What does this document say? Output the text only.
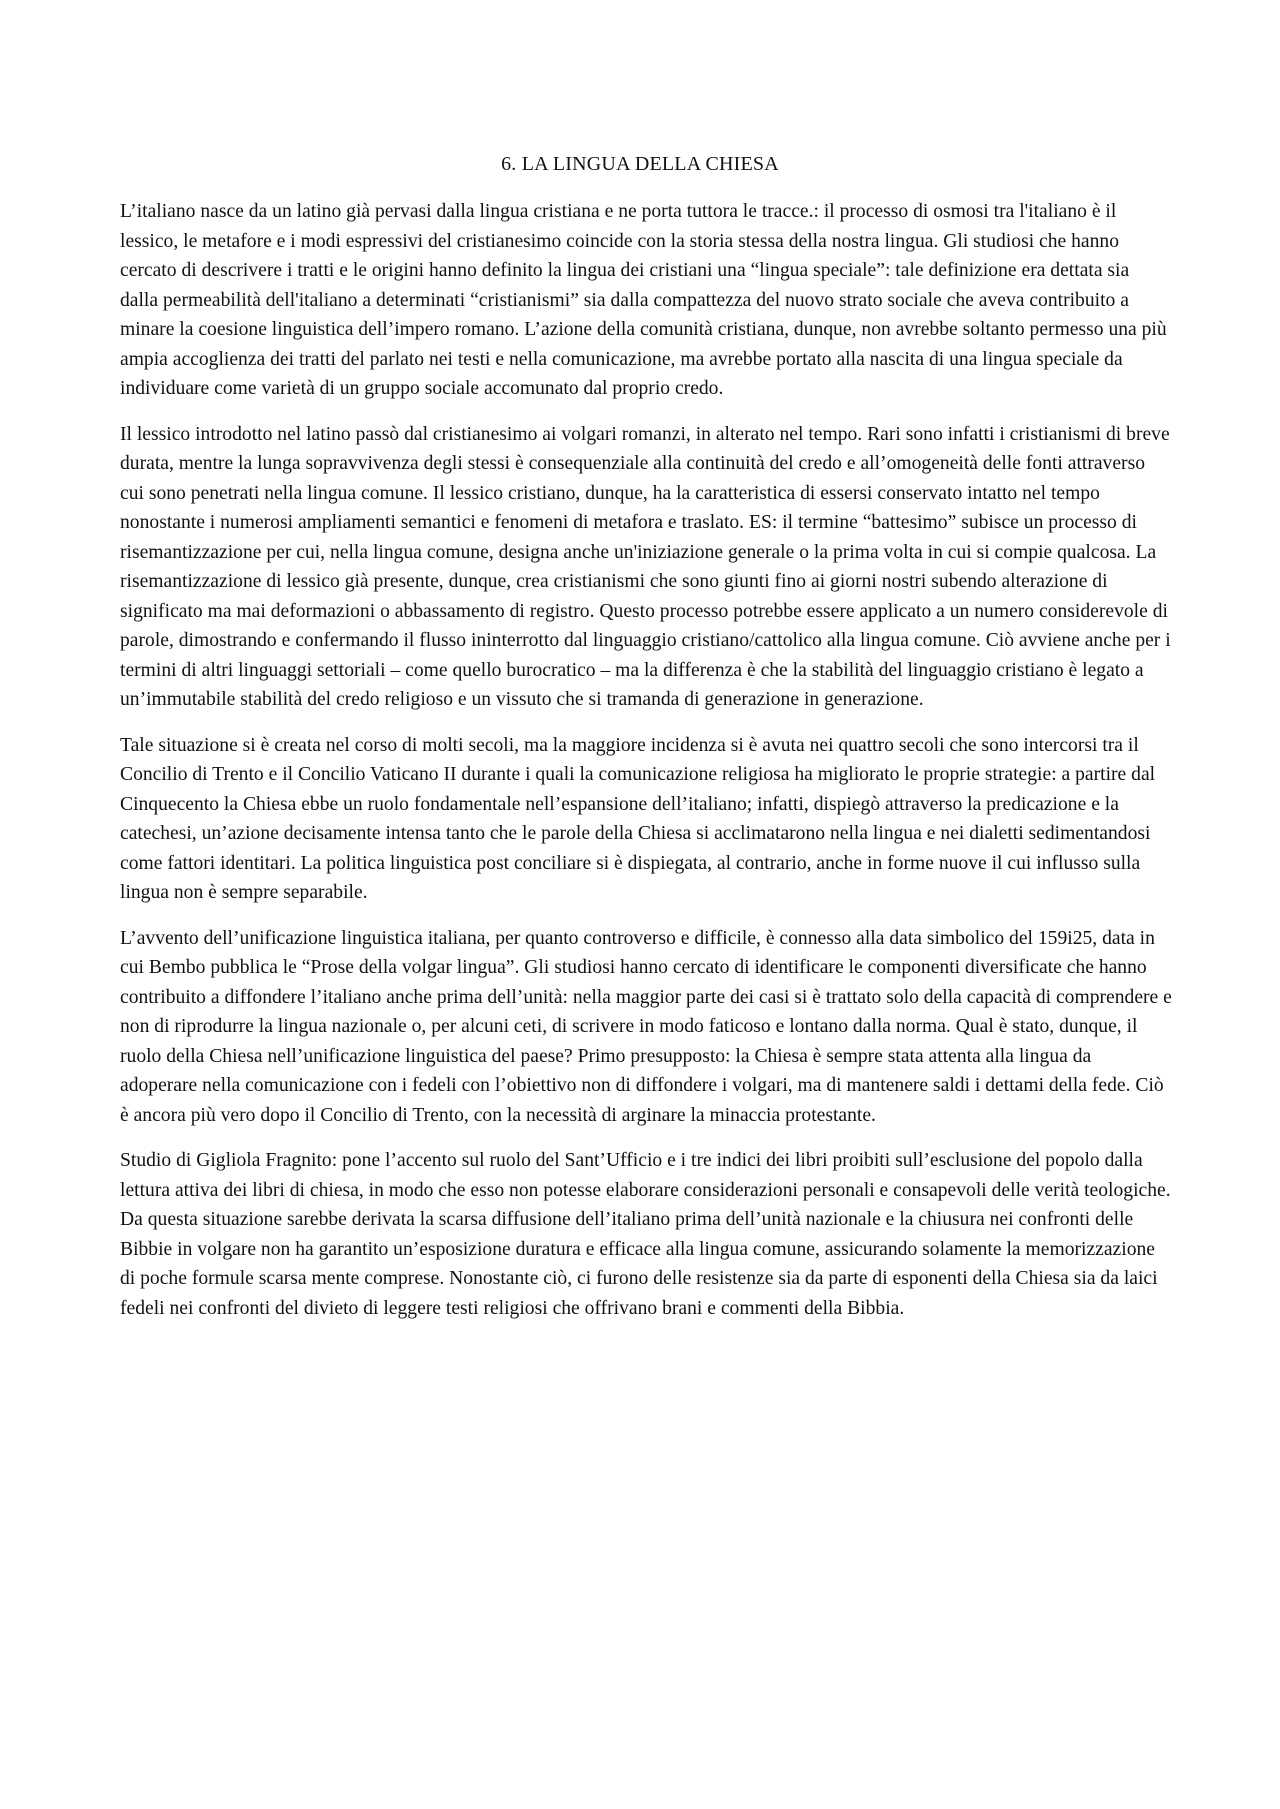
6. LA LINGUA DELLA CHIESA

L’italiano nasce da un latino già pervasi dalla lingua cristiana e ne porta tuttora le tracce.: il processo di osmosi tra l'italiano è il lessico, le metafore e i modi espressivi del cristianesimo coincide con la storia stessa della nostra lingua. Gli studiosi che hanno cercato di descrivere i tratti e le origini hanno definito la lingua dei cristiani una “lingua speciale”: tale definizione era dettata sia dalla permeabilità dell'italiano a determinati “cristianismi” sia dalla compattezza del nuovo strato sociale che aveva contribuito a minare la coesione linguistica dell’impero romano. L’azione della comunità cristiana, dunque, non avrebbe soltanto permesso una più ampia accoglienza dei tratti del parlato nei testi e nella comunicazione, ma avrebbe portato alla nascita di una lingua speciale da individuare come varietà di un gruppo sociale accomunato dal proprio credo.

Il lessico introdotto nel latino passò dal cristianesimo ai volgari romanzi, in alterato nel tempo. Rari sono infatti i cristianismi di breve durata, mentre la lunga sopravvivenza degli stessi è consequenziale alla continuità del credo e all’omogeneità delle fonti attraverso cui sono penetrati nella lingua comune. Il lessico cristiano, dunque, ha la caratteristica di essersi conservato intatto nel tempo nonostante i numerosi ampliamenti semantici e fenomeni di metafora e traslato. ES: il termine “battesimo” subisce un processo di risemantizzazione per cui, nella lingua comune, designa anche un'iniziazione generale o la prima volta in cui si compie qualcosa. La risemantizzazione di lessico già presente, dunque, crea cristianismi che sono giunti fino ai giorni nostri subendo alterazione di significato ma mai deformazioni o abbassamento di registro. Questo processo potrebbe essere applicato a un numero considerevole di parole, dimostrando e confermando il flusso ininterrotto dal linguaggio cristiano/cattolico alla lingua comune. Ciò avviene anche per i termini di altri linguaggi settoriali – come quello burocratico – ma la differenza è che la stabilità del linguaggio cristiano è legato a un’immutabile stabilità del credo religioso e un vissuto che si tramanda di generazione in generazione.

Tale situazione si è creata nel corso di molti secoli, ma la maggiore incidenza si è avuta nei quattro secoli che sono intercorsi tra il Concilio di Trento e il Concilio Vaticano II durante i quali la comunicazione religiosa ha migliorato le proprie strategie: a partire dal Cinquecento la Chiesa ebbe un ruolo fondamentale nell’espansione dell’italiano; infatti, dispiegò attraverso la predicazione e la catechesi, un’azione decisamente intensa tanto che le parole della Chiesa si acclimatarono nella lingua e nei dialetti sedimentandosi come fattori identitari. La politica linguistica post conciliare si è dispiegata, al contrario, anche in forme nuove il cui influsso sulla lingua non è sempre separabile.

L’avvento dell’unificazione linguistica italiana, per quanto controverso e difficile, è connesso alla data simbolico del 159i25, data in cui Bembo pubblica le “Prose della volgar lingua”. Gli studiosi hanno cercato di identificare le componenti diversificate che hanno contribuito a diffondere l’italiano anche prima dell’unità: nella maggior parte dei casi si è trattato solo della capacità di comprendere e non di riprodurre la lingua nazionale o, per alcuni ceti, di scrivere in modo faticoso e lontano dalla norma. Qual è stato, dunque, il ruolo della Chiesa nell’unificazione linguistica del paese? Primo presupposto: la Chiesa è sempre stata attenta alla lingua da adoperare nella comunicazione con i fedeli con l’obiettivo non di diffondere i volgari, ma di mantenere saldi i dettami della fede. Ciò è ancora più vero dopo il Concilio di Trento, con la necessità di arginare la minaccia protestante.

Studio di Gigliola Fragnito: pone l’accento sul ruolo del Sant’Ufficio e i tre indici dei libri proibiti sull’esclusione del popolo dalla lettura attiva dei libri di chiesa, in modo che esso non potesse elaborare considerazioni personali e consapevoli delle verità teologiche. Da questa situazione sarebbe derivata la scarsa diffusione dell’italiano prima dell’unità nazionale e la chiusura nei confronti delle Bibbie in volgare non ha garantito un’esposizione duratura e efficace alla lingua comune, assicurando solamente la memorizzazione di poche formule scarsa mente comprese. Nonostante ciò, ci furono delle resistenze sia da parte di esponenti della Chiesa sia da laici fedeli nei confronti del divieto di leggere testi religiosi che offrivano brani e commenti della Bibbia.
